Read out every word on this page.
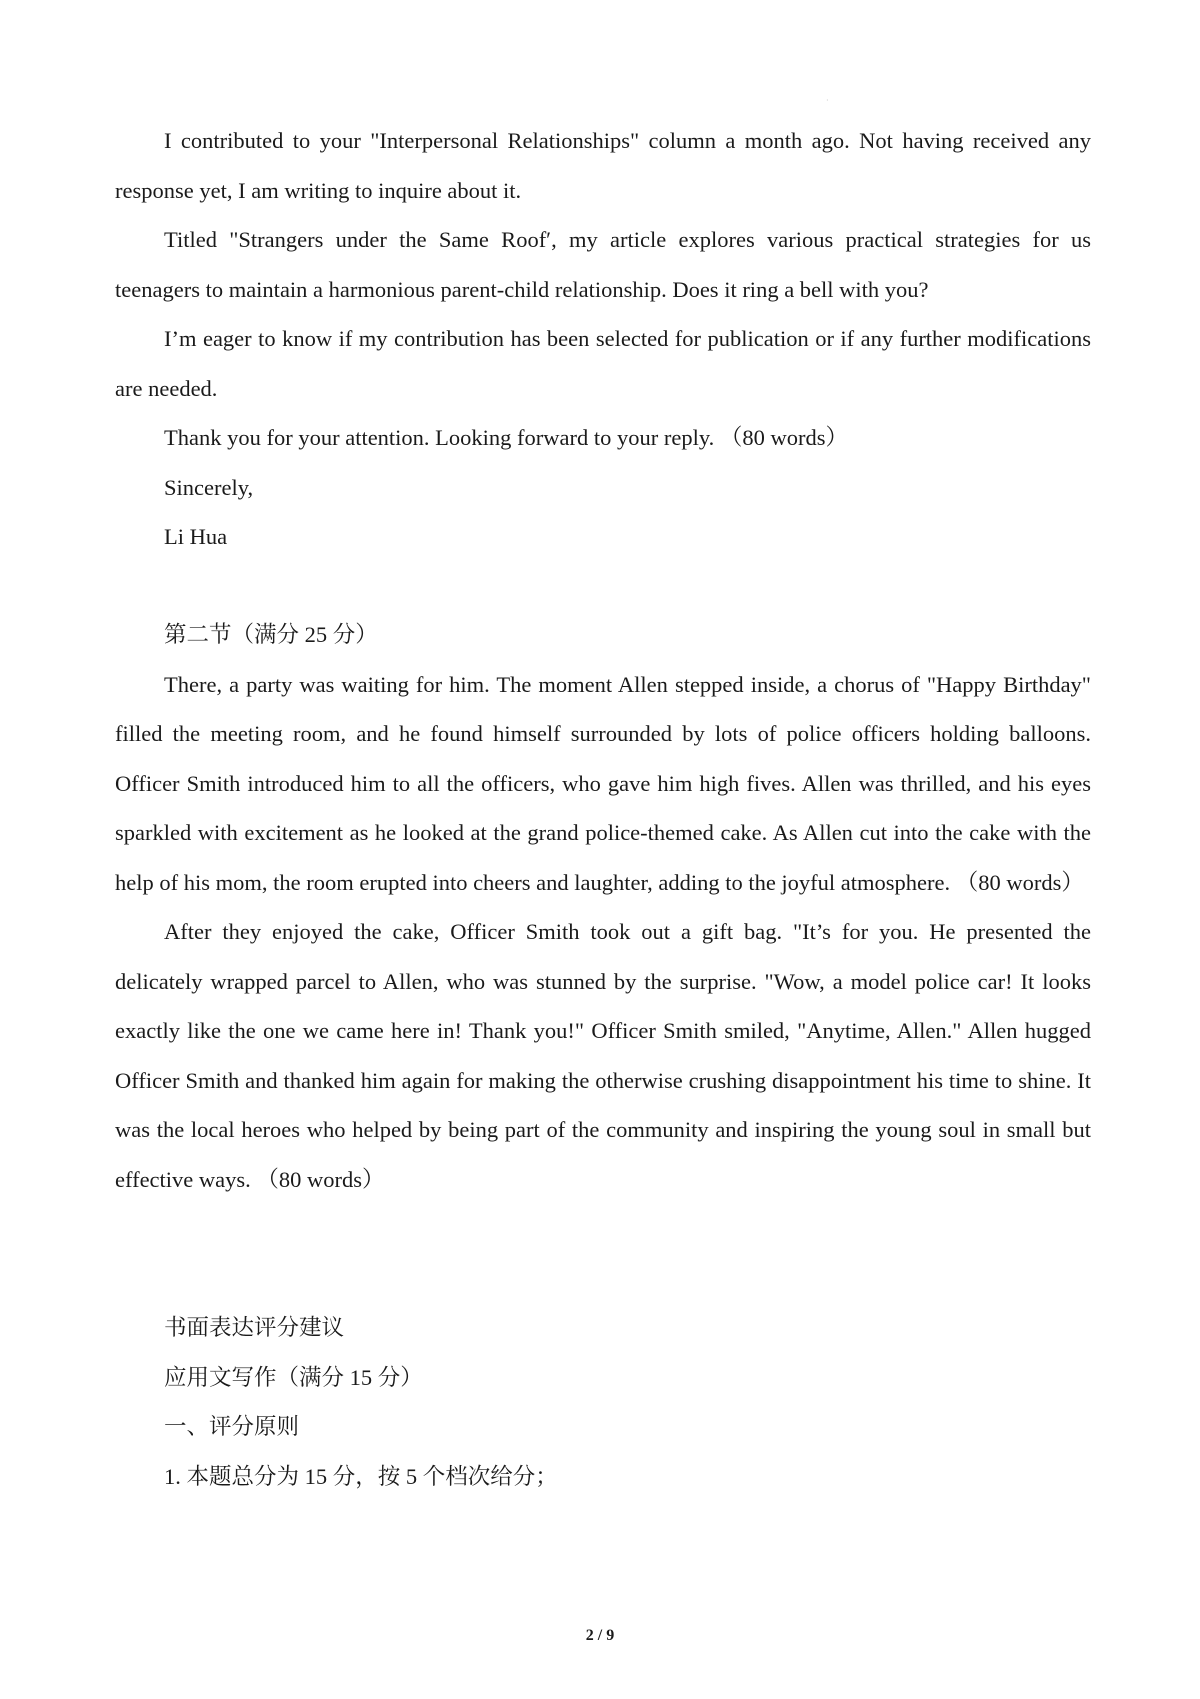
·

I contributed to your "Interpersonal Relationships" column a month ago. Not having received any response yet, I am writing to inquire about it.

Titled "Strangers under the Same Roof′, my article explores various practical strategies for us teenagers to maintain a harmonious parent-child relationship. Does it ring a bell with you?

I’m eager to know if my contribution has been selected for publication or if any further modifications are needed.

Thank you for your attention. Looking forward to your reply. （80 words）

Sincerely,

Li Hua

第二节（满分 25 分）

There, a party was waiting for him. The moment Allen stepped inside, a chorus of "Happy Birthday" filled the meeting room, and he found himself surrounded by lots of police officers holding balloons. Officer Smith introduced him to all the officers, who gave him high fives. Allen was thrilled, and his eyes sparkled with excitement as he looked at the grand police-themed cake. As Allen cut into the cake with the help of his mom, the room erupted into cheers and laughter, adding to the joyful atmosphere. （80 words）

After they enjoyed the cake, Officer Smith took out a gift bag. "It’s for you. He presented the delicately wrapped parcel to Allen, who was stunned by the surprise. "Wow, a model police car! It looks exactly like the one we came here in! Thank you!" Officer Smith smiled, "Anytime, Allen." Allen hugged Officer Smith and thanked him again for making the otherwise crushing disappointment his time to shine. It was the local heroes who helped by being part of the community and inspiring the young soul in small but effective ways. （80 words）

书面表达评分建议

应用文写作（满分 15 分）

一、评分原则

1. 本题总分为 15 分，按 5 个档次给分；

2 / 9
